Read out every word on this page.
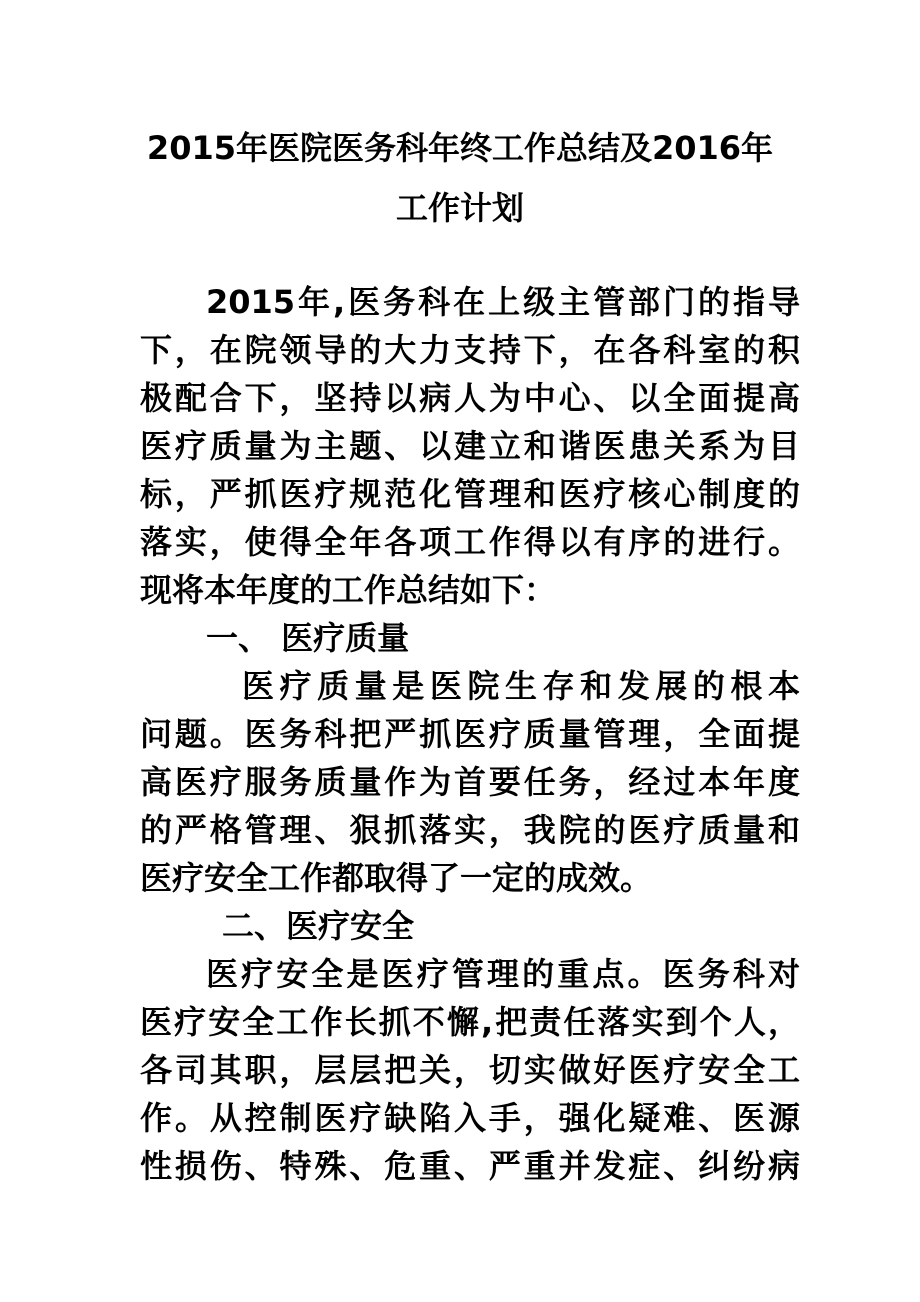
2015年医院医务科年终工作总结及2016年
工作计划
2015年,医务科在上级主管部门的指导
下，在院领导的大力支持下，在各科室的积
极配合下，坚持以病人为中心、以全面提高
医疗质量为主题、以建立和谐医患关系为目
标，严抓医疗规范化管理和医疗核心制度的
落实，使得全年各项工作得以有序的进行。
现将本年度的工作总结如下：
一、 医疗质量
医疗质量是医院生存和发展的根本
问题。医务科把严抓医疗质量管理，全面提
高医疗服务质量作为首要任务，经过本年度
的严格管理、狠抓落实，我院的医疗质量和
医疗安全工作都取得了一定的成效。
二、医疗安全
医疗安全是医疗管理的重点。医务科对
医疗安全工作长抓不懈,把责任落实到个人，
各司其职，层层把关，切实做好医疗安全工
作。从控制医疗缺陷入手，强化疑难、医源
性损伤、特殊、危重、严重并发症、纠纷病
